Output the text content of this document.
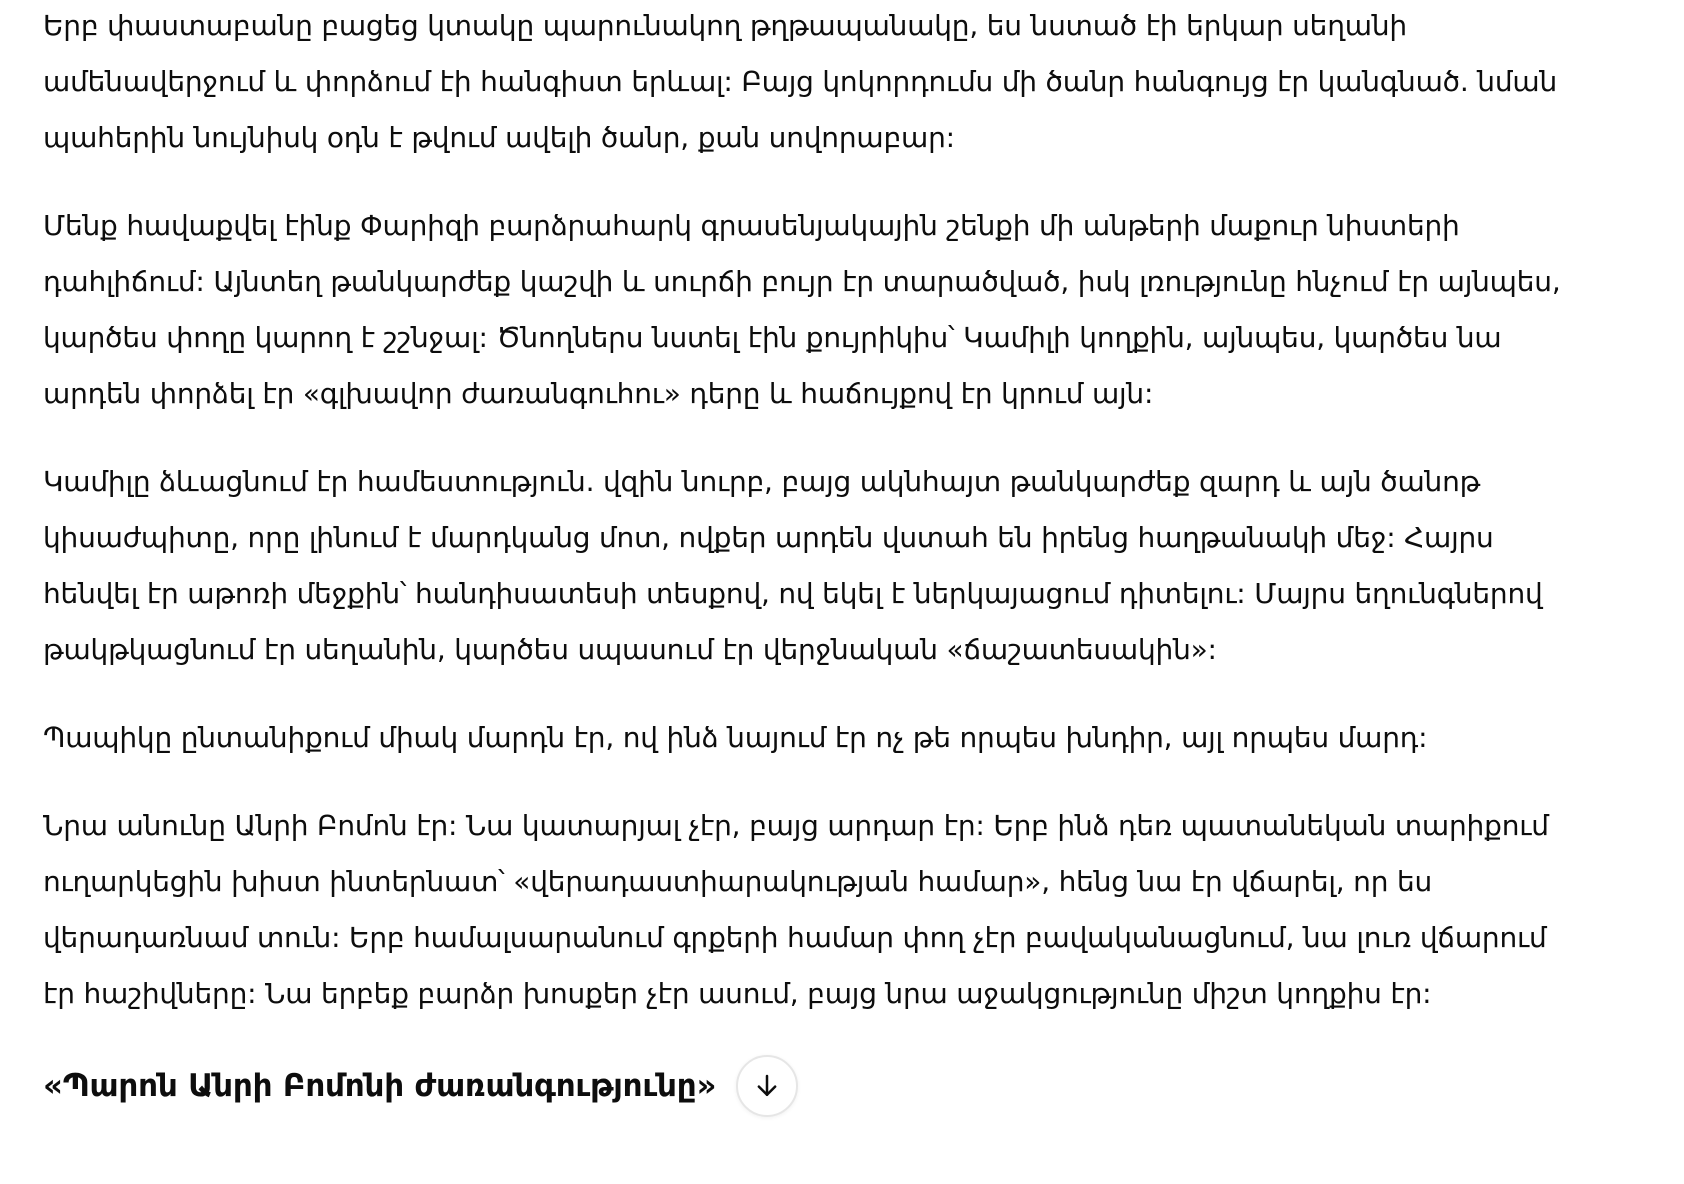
Երբ փաստաբանը բացեց կտակը պարունակող թղթապանակը, ես նստած էի երկար սեղանի ամենավերջում և փորձում էի հանգիստ երևալ: Բայց կոկորդումս մի ծանր հանգույց էր կանգնած. նման պահերին նույնիսկ օդն է թվում ավելի ծանր, քան սովորաբար:

Մենք հավաքվել էինք Փարիզի բարձրահարկ գրասենյակային շենքի մի անթերի մաքուր նիստերի դահլիճում: Այնտեղ թանկարժեք կաշվի և սուրճի բույր էր տարածված, իսկ լռությունը հնչում էր այնպես, կարծես փողը կարող է շշնջալ: Ծնողներս նստել էին քույրիկիս՝ Կամիլի կողքին, այնպես, կարծես նա արդեն փորձել էր «գլխավոր ժառանգուհու» դերը և հաճույքով էր կրում այն:

Կամիլը ձևացնում էր համեստություն. վզին նուրբ, բայց ակնհայտ թանկարժեք զարդ և այն ծանոթ կիսաժպիտը, որը լինում է մարդկանց մոտ, ովքեր արդեն վստահ են իրենց հաղթանակի մեջ: Հայրս հենվել էր աթոռի մեջքին՝ հանդիսատեսի տեսքով, ով եկել է ներկայացում դիտելու: Մայրս եղունգներով թակթկացնում էր սեղանին, կարծես սպասում էր վերջնական «ճաշատեսակին»:

Պապիկը ընտանիքում միակ մարդն էր, ով ինձ նայում էր ոչ թե որպես խնդիր, այլ որպես մարդ:

Նրա անունը Անրի Բոմոն էր: Նա կատարյալ չէր, բայց արդար էր: Երբ ինձ դեռ պատանեկան տարիքում ուղարկեցին խիստ ինտերնատ՝ «վերադաստիարակության համար», հենց նա էր վճարել, որ ես վերադառնամ տուն: Երբ համալսարանում գրքերի համար փող չէր բավականացնում, նա լուռ վճարում էր հաշիվները: Նա երբեք բարձր խոսքեր չէր ասում, բայց նրա աջակցությունը միշտ կողքիս էր:

«Պարոն Անրի Բոմոնի ժառանգությունը»
